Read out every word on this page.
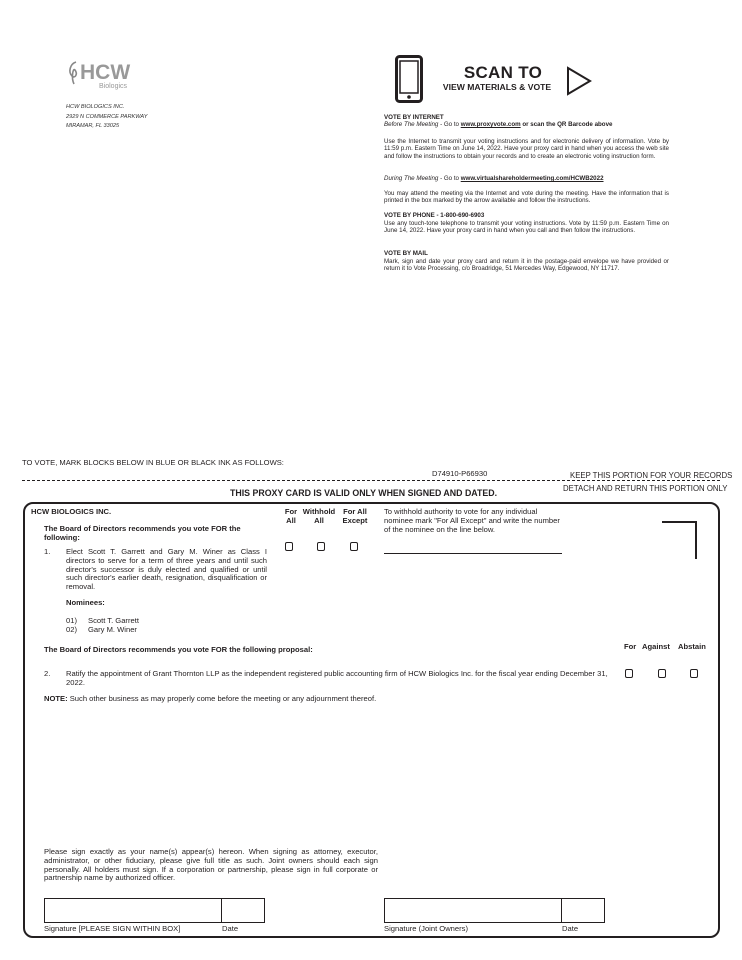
HCW
Biologics
HCW BIOLOGICS INC.
2929 N COMMERCE PARKWAY
MIRAMAR, FL 33025
SCAN TO
VIEW MATERIALS & VOTE
VOTE BY INTERNET
Before The Meeting - Go to www.proxyvote.com or scan the QR Barcode above
Use the Internet to transmit your voting instructions and for electronic delivery of information. Vote by 11:59 p.m. Eastern Time on June 14, 2022. Have your proxy card in hand when you access the web site and follow the instructions to obtain your records and to create an electronic voting instruction form.
During The Meeting - Go to www.virtualshareholdermeeting.com/HCWB2022
You may attend the meeting via the Internet and vote during the meeting. Have the information that is printed in the box marked by the arrow available and follow the instructions.
VOTE BY PHONE - 1-800-690-6903
Use any touch-tone telephone to transmit your voting instructions. Vote by 11:59 p.m. Eastern Time on June 14, 2022. Have your proxy card in hand when you call and then follow the instructions.
VOTE BY MAIL
Mark, sign and date your proxy card and return it in the postage-paid envelope we have provided or return it to Vote Processing, c/o Broadridge, 51 Mercedes Way, Edgewood, NY 11717.
TO VOTE, MARK BLOCKS BELOW IN BLUE OR BLACK INK AS FOLLOWS:
D74910-P66930	KEEP THIS PORTION FOR YOUR RECORDS
DETACH AND RETURN THIS PORTION ONLY
THIS PROXY CARD IS VALID ONLY WHEN SIGNED AND DATED.
HCW BIOLOGICS INC.
The Board of Directors recommends you vote FOR the following:
For All
Withhold All
For All Except
To withhold authority to vote for any individual nominee mark "For All Except" and write the number of the nominee on the line below.
1. Elect Scott T. Garrett and Gary M. Winer as Class I directors to serve for a term of three years and until such director's successor is duly elected and qualified or until such director's earlier death, resignation, disqualification or removal.
Nominees:
01) Scott T. Garrett
02) Gary M. Winer
The Board of Directors recommends you vote FOR the following proposal:	For Against Abstain
2. Ratify the appointment of Grant Thornton LLP as the independent registered public accounting firm of HCW Biologics Inc. for the fiscal year ending December 31, 2022.
NOTE: Such other business as may properly come before the meeting or any adjournment thereof.
Please sign exactly as your name(s) appear(s) hereon. When signing as attorney, executor, administrator, or other fiduciary, please give full title as such. Joint owners should each sign personally. All holders must sign. If a corporation or partnership, please sign in full corporate or partnership name by authorized officer.
Signature [PLEASE SIGN WITHIN BOX]	Date	Signature (Joint Owners)	Date
